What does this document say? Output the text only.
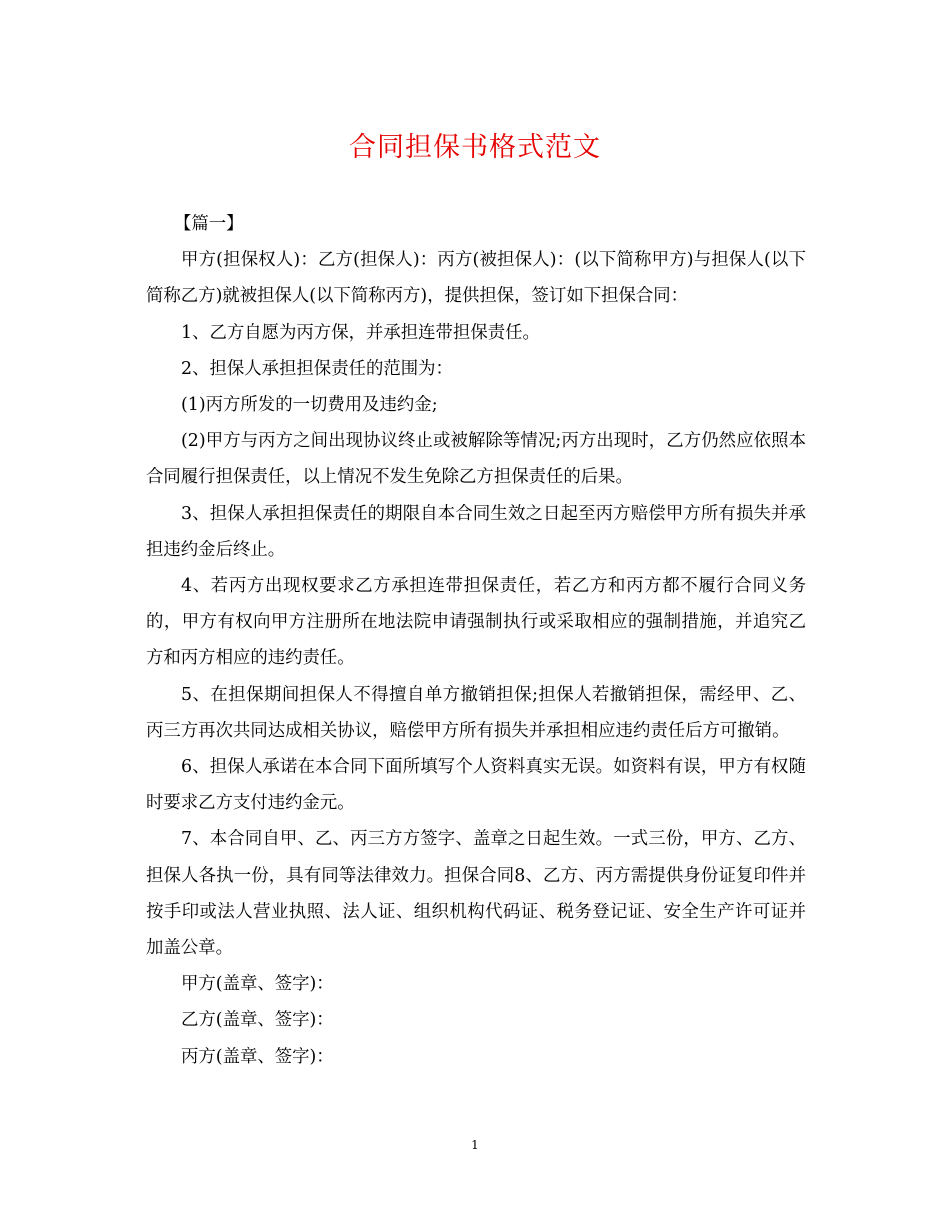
合同担保书格式范文

【篇一】

甲方(担保权人)：乙方(担保人)：丙方(被担保人)：(以下简称甲方)与担保人(以下简称乙方)就被担保人(以下简称丙方)，提供担保，签订如下担保合同：

1、乙方自愿为丙方保，并承担连带担保责任。

2、担保人承担担保责任的范围为：

(1)丙方所发的一切费用及违约金;

(2)甲方与丙方之间出现协议终止或被解除等情况;丙方出现时，乙方仍然应依照本合同履行担保责任，以上情况不发生免除乙方担保责任的后果。

3、担保人承担担保责任的期限自本合同生效之日起至丙方赔偿甲方所有损失并承担违约金后终止。

4、若丙方出现权要求乙方承担连带担保责任，若乙方和丙方都不履行合同义务的，甲方有权向甲方注册所在地法院申请强制执行或采取相应的强制措施，并追究乙方和丙方相应的违约责任。

5、在担保期间担保人不得擅自单方撤销担保;担保人若撤销担保，需经甲、乙、丙三方再次共同达成相关协议，赔偿甲方所有损失并承担相应违约责任后方可撤销。

6、担保人承诺在本合同下面所填写个人资料真实无误。如资料有误，甲方有权随时要求乙方支付违约金元。

7、本合同自甲、乙、丙三方方签字、盖章之日起生效。一式三份，甲方、乙方、担保人各执一份，具有同等法律效力。担保合同8、乙方、丙方需提供身份证复印件并按手印或法人营业执照、法人证、组织机构代码证、税务登记证、安全生产许可证并加盖公章。

甲方(盖章、签字)：

乙方(盖章、签字)：

丙方(盖章、签字)：

1
